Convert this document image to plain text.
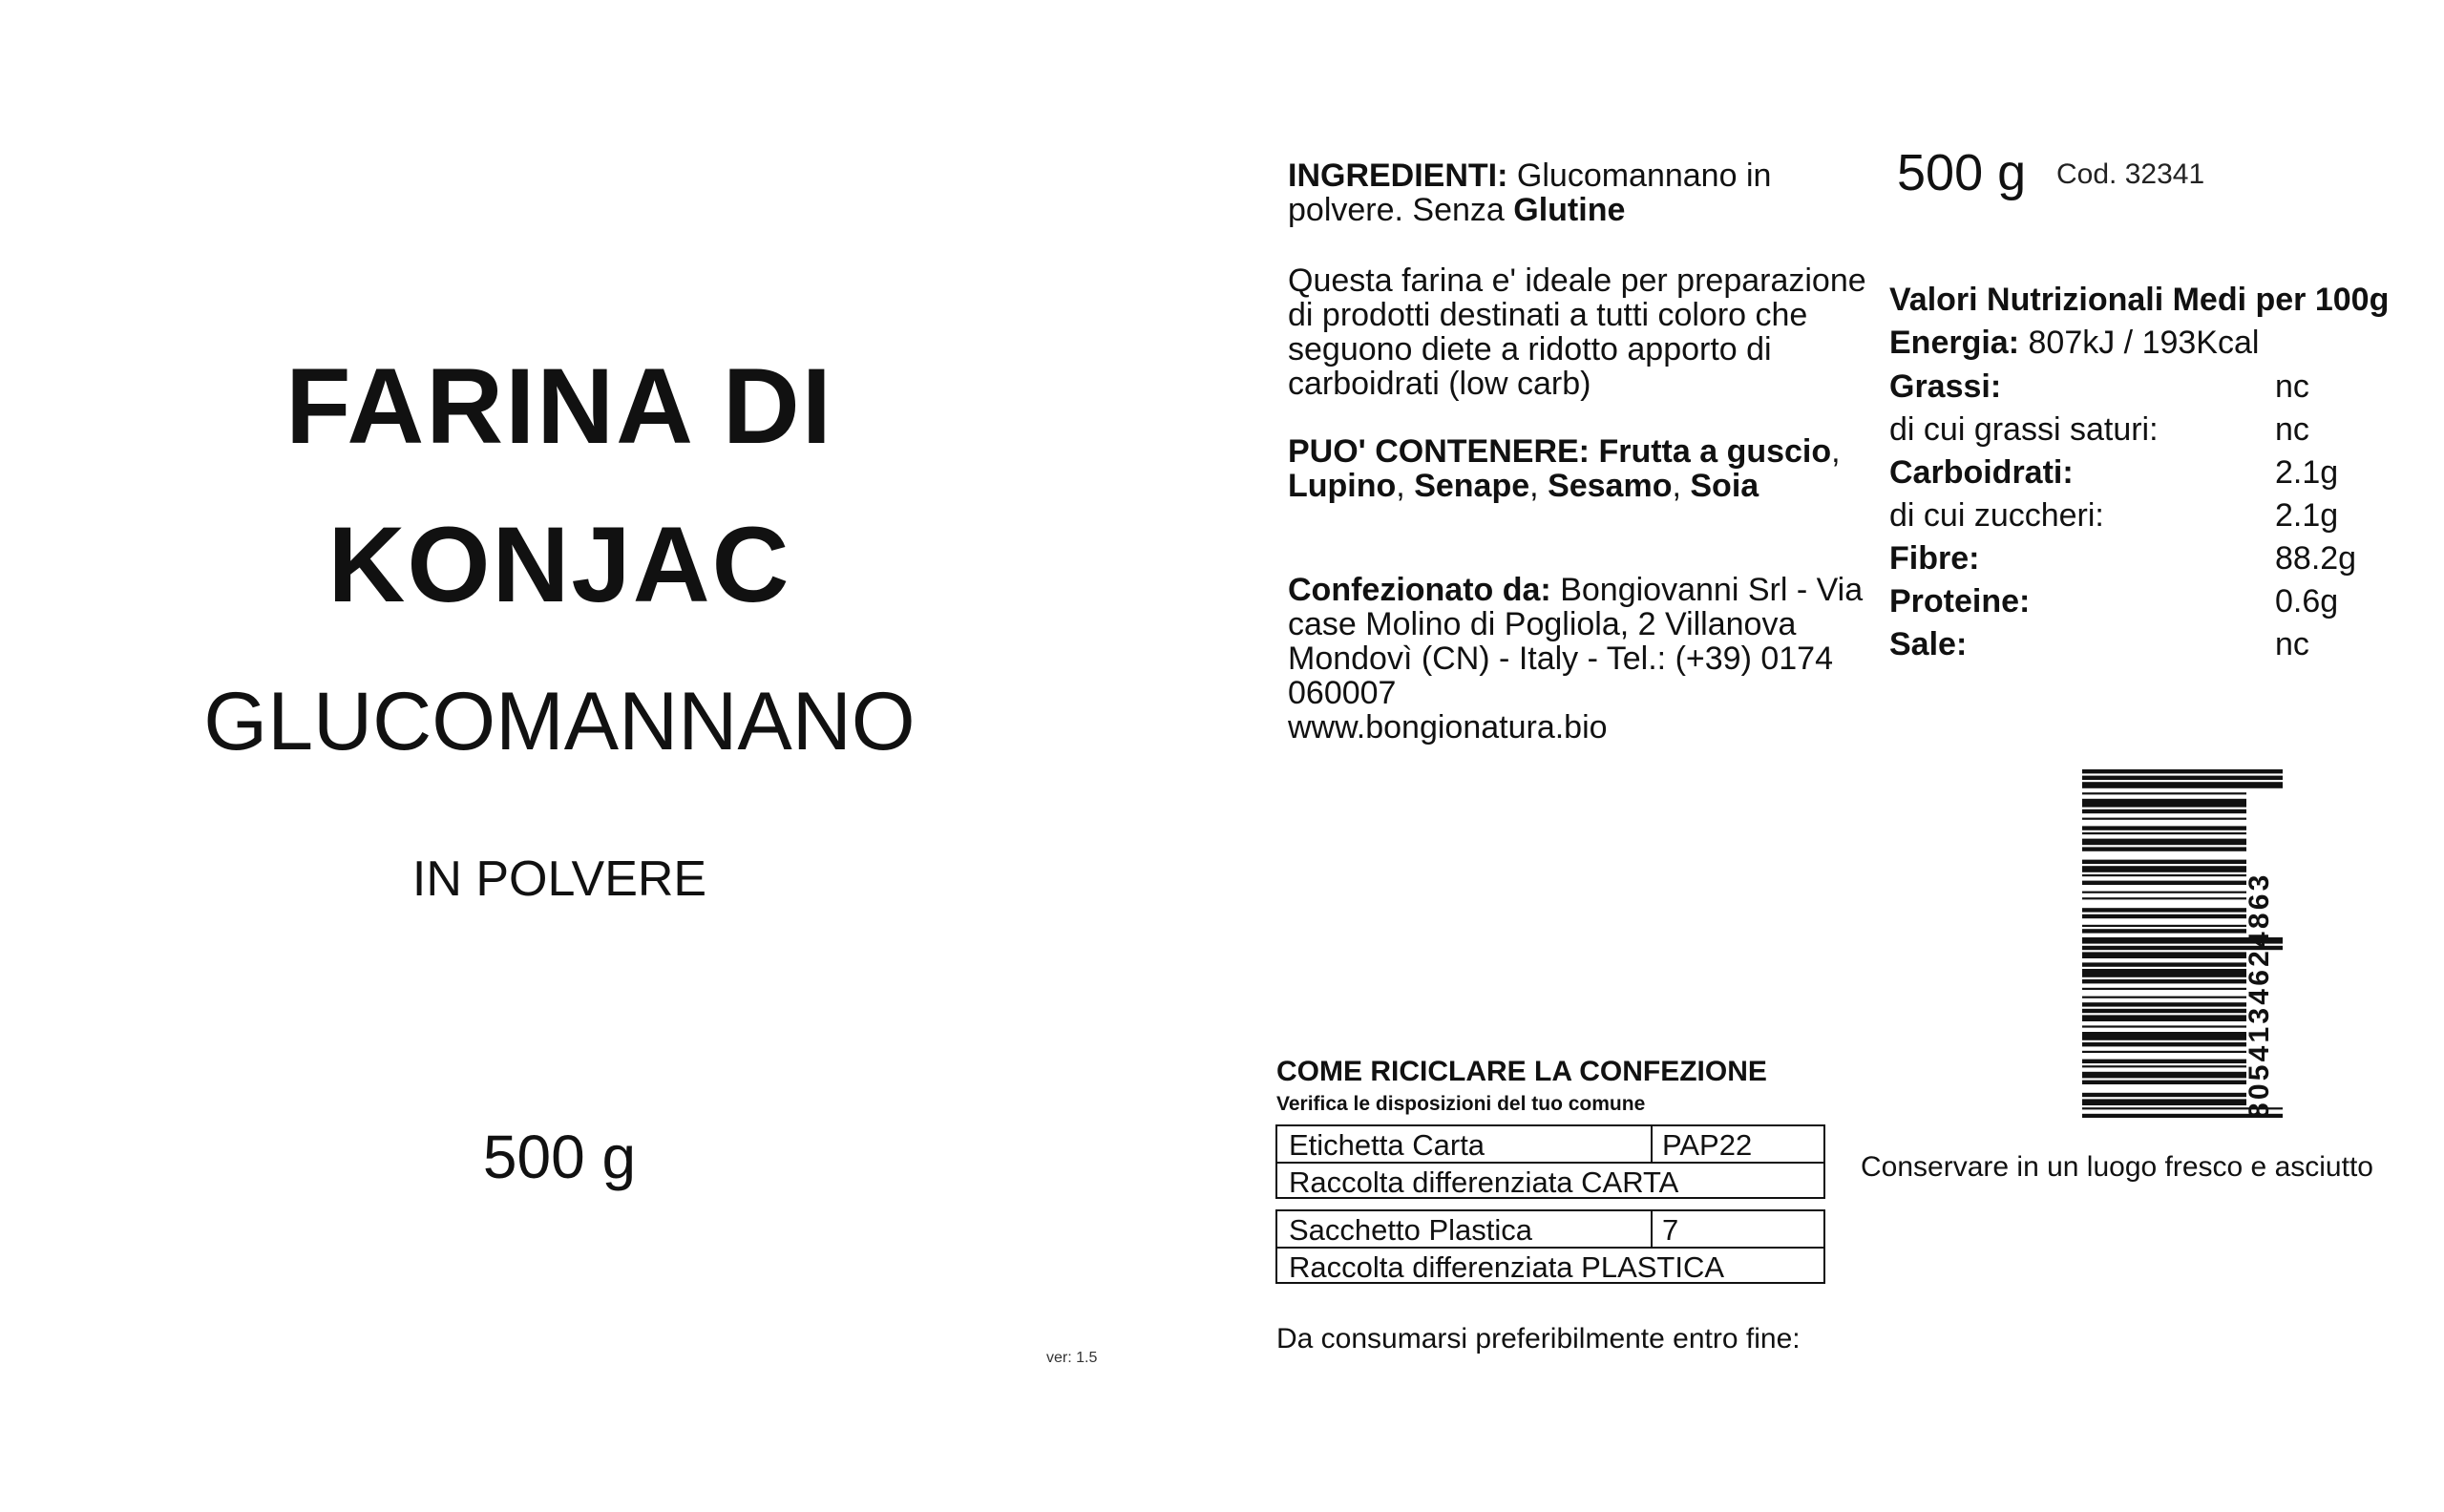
FARINA DI
KONJAC
GLUCOMANNANO
IN POLVERE
500 g
ver: 1.5
INGREDIENTI: Glucomannano in polvere. Senza Glutine
Questa farina e' ideale per preparazione di prodotti destinati a tutti coloro che seguono diete a ridotto apporto di carboidrati (low carb)
PUO' CONTENERE: Frutta a guscio, Lupino, Senape, Sesamo, Soia
Confezionato da: Bongiovanni Srl - Via case Molino di Pogliola, 2 Villanova Mondovì (CN) - Italy - Tel.: (+39) 0174 060007
www.bongionatura.bio
500 g Cod. 32341
Valori Nutrizionali Medi per 100g
Energia: 807kJ / 193Kcal
Grassi:	nc
di cui grassi saturi:	nc
Carboidrati:	2.1g
di cui zuccheri:	2.1g
Fibre:	88.2g
Proteine:	0.6g
Sale:	nc
8054134624863
Conservare in un luogo fresco e asciutto
COME RICICLARE LA CONFEZIONE
Verifica le disposizioni del tuo comune
Etichetta Carta	PAP22
Raccolta differenziata CARTA
Sacchetto Plastica	7
Raccolta differenziata PLASTICA
Da consumarsi preferibilmente entro fine:
